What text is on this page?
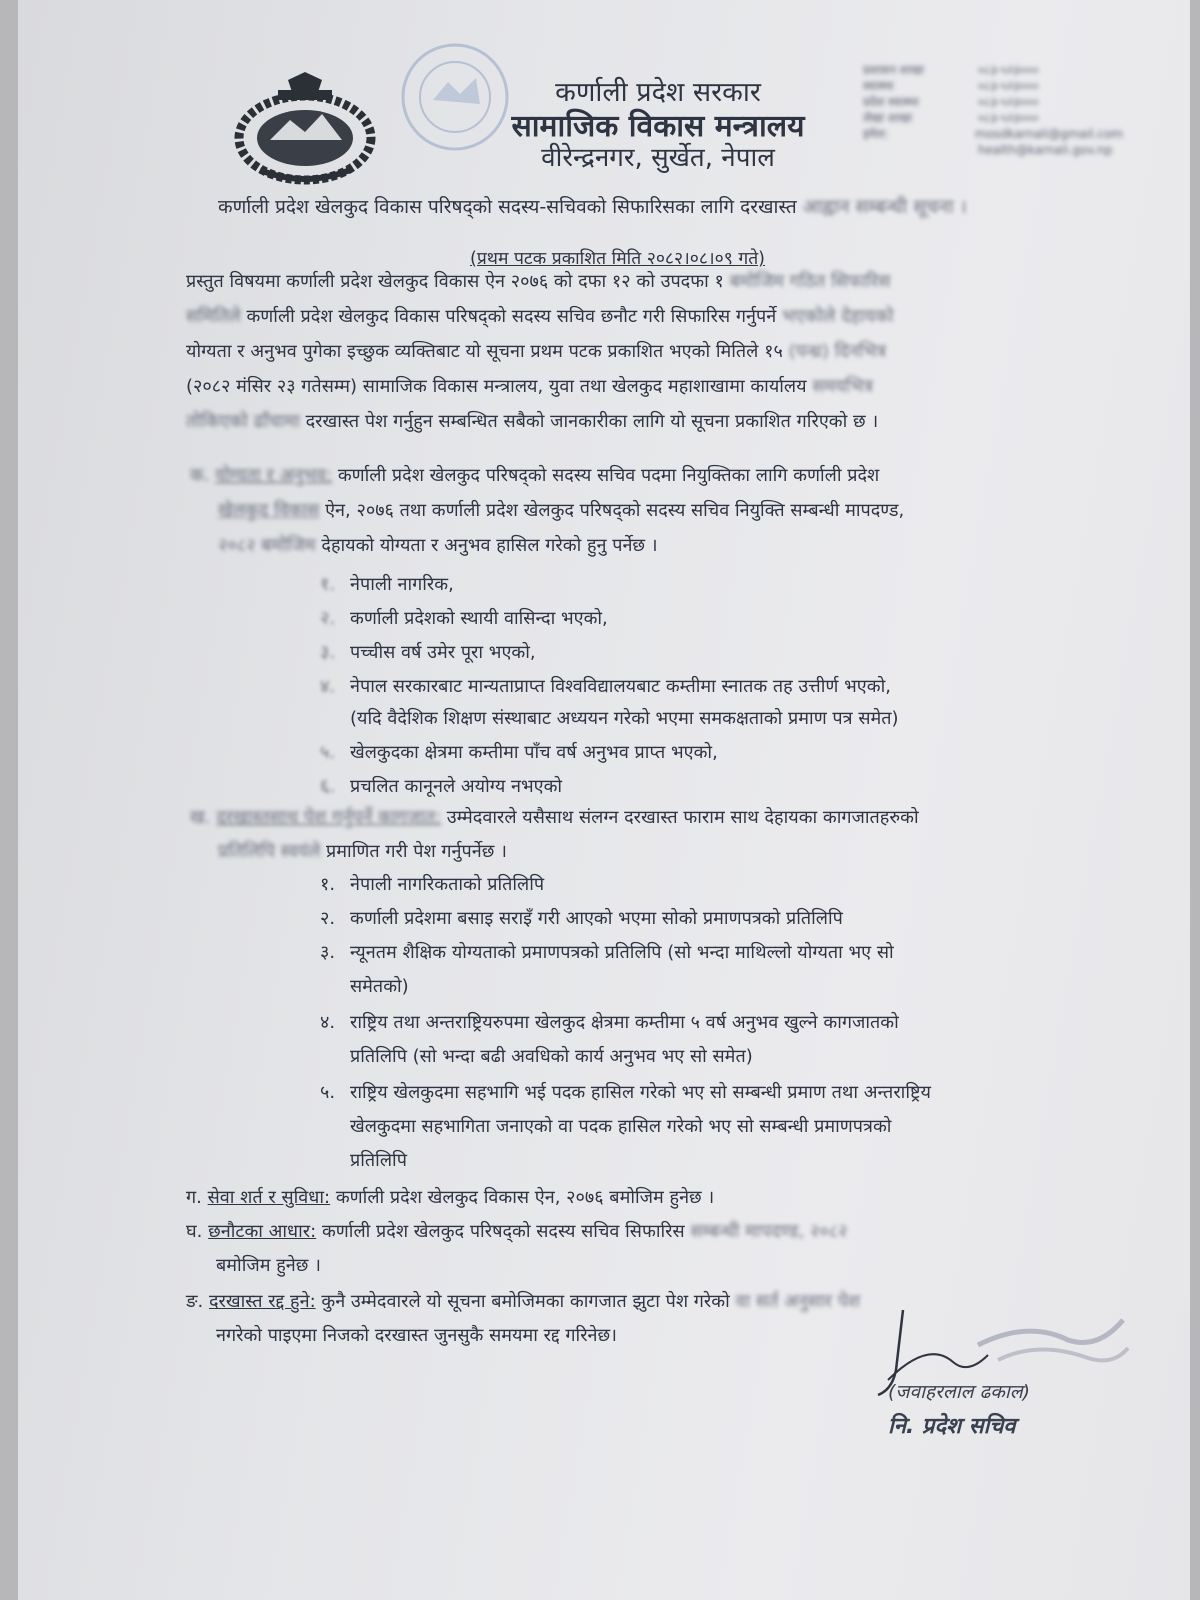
कर्णाली प्रदेश सरकार
सामाजिक विकास मन्त्रालय
वीरेन्द्रनगर, सुर्खेत, नेपाल
प्रशासन शाखा	०८३-५२३०००
स्वास्थ्य	०८३-५२३०००
प्रदेश स्वास्थ्य	०८३-५२३०००
लेखा शाखा	०८३-५२३०००
इमेल:	mosdkarnali@gmail.com
health@karnali.gov.np
कर्णाली प्रदेश खेलकुद विकास परिषद्को सदस्य-सचिवको सिफारिसका लागि दरखास्त आह्वान सम्बन्धी सूचना ।
(प्रथम पटक प्रकाशित मिति २०८२।०८।०९ गते)
प्रस्तुत विषयमा कर्णाली प्रदेश खेलकुद विकास ऐन २०७६ को दफा १२ को उपदफा १ बमोजिम गठित सिफारिस
समितिले कर्णाली प्रदेश खेलकुद विकास परिषद्को सदस्य सचिव छनौट गरी सिफारिस गर्नुपर्ने भएकोले देहायको
योग्यता र अनुभव पुगेका इच्छुक व्यक्तिबाट यो सूचना प्रथम पटक प्रकाशित भएको मितिले १५ (पन्ध्र) दिनभित्र
(२०८२ मंसिर २३ गतेसम्म) सामाजिक विकास मन्त्रालय, युवा तथा खेलकुद महाशाखामा कार्यालय समयभित्र
तोकिएको ढाँचामा दरखास्त पेश गर्नुहुन सम्बन्धित सबैको जानकारीका लागि यो सूचना प्रकाशित गरिएको छ ।
क. योग्यता र अनुभव: कर्णाली प्रदेश खेलकुद परिषद्को सदस्य सचिव पदमा नियुक्तिका लागि कर्णाली प्रदेश
खेलकुद विकास ऐन, २०७६ तथा कर्णाली प्रदेश खेलकुद परिषद्को सदस्य सचिव नियुक्ति सम्बन्धी मापदण्ड,
२०८२ बमोजिम देहायको योग्यता र अनुभव हासिल गरेको हुनु पर्नेछ ।
१. नेपाली नागरिक,
२. कर्णाली प्रदेशको स्थायी वासिन्दा भएको,
३. पच्चीस वर्ष उमेर पूरा भएको,
४. नेपाल सरकारबाट मान्यताप्राप्त विश्वविद्यालयबाट कम्तीमा स्नातक तह उत्तीर्ण भएको,
(यदि वैदेशिक शिक्षण संस्थाबाट अध्ययन गरेको भएमा समकक्षताको प्रमाण पत्र समेत)
५. खेलकुदका क्षेत्रमा कम्तीमा पाँच वर्ष अनुभव प्राप्त भएको,
६. प्रचलित कानूनले अयोग्य नभएको
ख. दरखास्तसाथ पेश गर्नुपर्ने कागजात: उम्मेदवारले यसैसाथ संलग्न दरखास्त फाराम साथ देहायका कागजातहरुको
प्रतिलिपि स्वयंले प्रमाणित गरी पेश गर्नुपर्नेछ ।
१. नेपाली नागरिकताको प्रतिलिपि
२. कर्णाली प्रदेशमा बसाइ सराइँ गरी आएको भएमा सोको प्रमाणपत्रको प्रतिलिपि
३. न्यूनतम शैक्षिक योग्यताको प्रमाणपत्रको प्रतिलिपि (सो भन्दा माथिल्लो योग्यता भए सो
समेतको)
४. राष्ट्रिय तथा अन्तराष्ट्रियरुपमा खेलकुद क्षेत्रमा कम्तीमा ५ वर्ष अनुभव खुल्ने कागजातको
प्रतिलिपि (सो भन्दा बढी अवधिको कार्य अनुभव भए सो समेत)
५. राष्ट्रिय खेलकुदमा सहभागि भई पदक हासिल गरेको भए सो सम्बन्धी प्रमाण तथा अन्तराष्ट्रिय
खेलकुदमा सहभागिता जनाएको वा पदक हासिल गरेको भए सो सम्बन्धी प्रमाणपत्रको
प्रतिलिपि
ग. सेवा शर्त र सुविधा: कर्णाली प्रदेश खेलकुद विकास ऐन, २०७६ बमोजिम हुनेछ ।
घ. छनौटका आधार: कर्णाली प्रदेश खेलकुद परिषद्को सदस्य सचिव सिफारिस सम्बन्धी मापदण्ड, २०८२
बमोजिम हुनेछ ।
ङ. दरखास्त रद्द हुने: कुनै उम्मेदवारले यो सूचना बमोजिमका कागजात झुटा पेश गरेको वा सर्त अनुसार पेश
नगरेको पाइएमा निजको दरखास्त जुनसुकै समयमा रद्द गरिनेछ।
(जवाहरलाल ढकाल)
नि. प्रदेश सचिव
